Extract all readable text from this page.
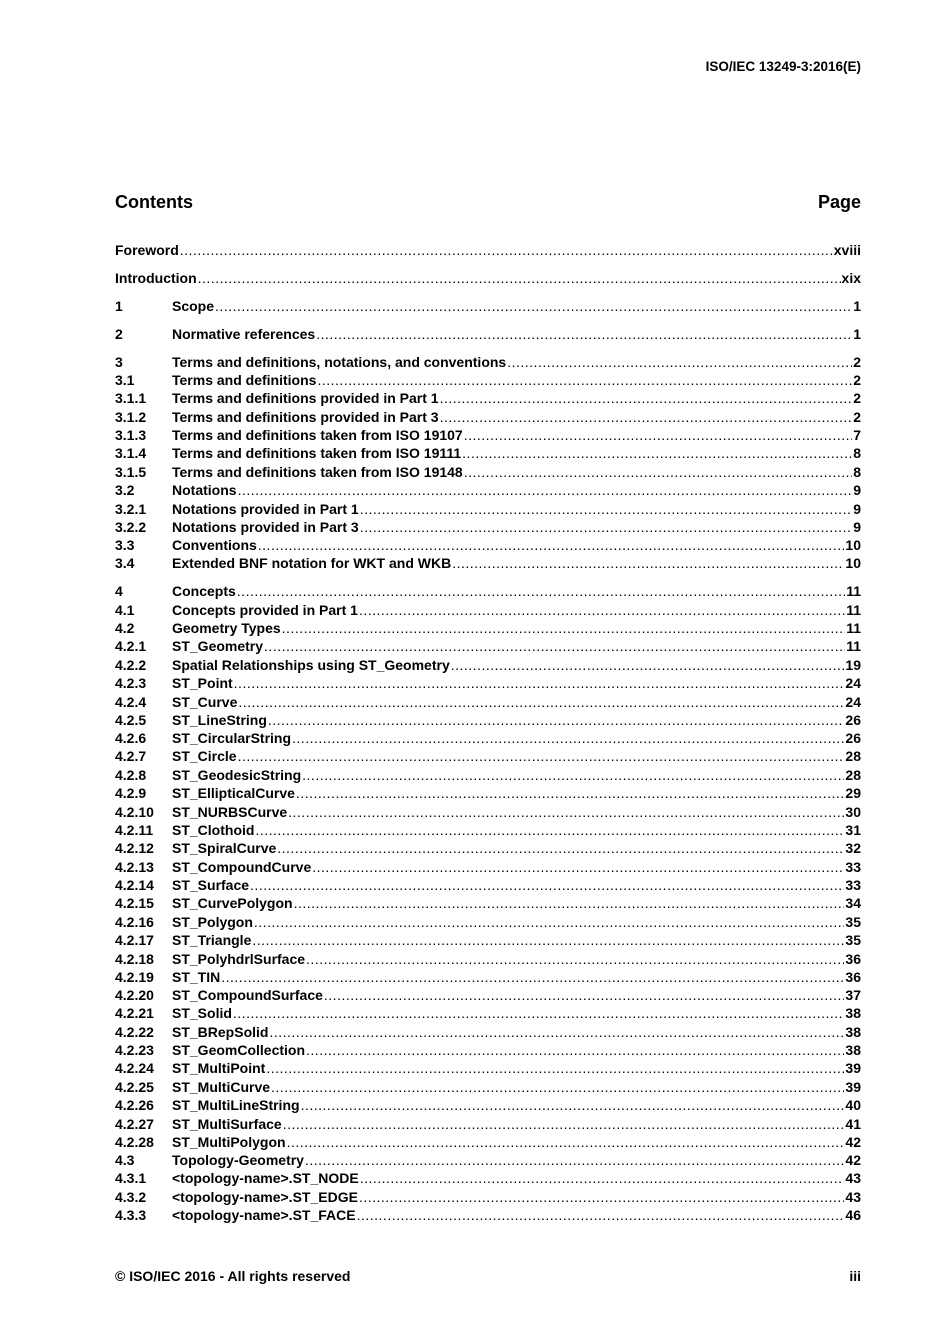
ISO/IEC 13249-3:2016(E)
Contents	Page
Foreword .....	xviii
Introduction .....	xix
1	Scope .....	1
2	Normative references .....	1
3	Terms and definitions, notations, and conventions .....	2
3.1	Terms and definitions .....	2
3.1.1	Terms and definitions provided in Part 1 .....	2
3.1.2	Terms and definitions provided in Part 3 .....	2
3.1.3	Terms and definitions taken from ISO 19107 .....	7
3.1.4	Terms and definitions taken from ISO 19111 .....	8
3.1.5	Terms and definitions taken from ISO 19148 .....	8
3.2	Notations .....	9
3.2.1	Notations provided in Part 1 .....	9
3.2.2	Notations provided in Part 3 .....	9
3.3	Conventions .....	10
3.4	Extended BNF notation for WKT and WKB .....	10
4	Concepts .....	11
4.1	Concepts provided in Part 1 .....	11
4.2	Geometry Types .....	11
4.2.1	ST_Geometry .....	11
4.2.2	Spatial Relationships using ST_Geometry .....	19
4.2.3	ST_Point .....	24
4.2.4	ST_Curve .....	24
4.2.5	ST_LineString .....	26
4.2.6	ST_CircularString .....	26
4.2.7	ST_Circle .....	28
4.2.8	ST_GeodesicString .....	28
4.2.9	ST_EllipticalCurve .....	29
4.2.10	ST_NURBSCurve .....	30
4.2.11	ST_Clothoid .....	31
4.2.12	ST_SpiralCurve .....	32
4.2.13	ST_CompoundCurve .....	33
4.2.14	ST_Surface .....	33
4.2.15	ST_CurvePolygon .....	34
4.2.16	ST_Polygon .....	35
4.2.17	ST_Triangle .....	35
4.2.18	ST_PolyhdrlSurface .....	36
4.2.19	ST_TIN .....	36
4.2.20	ST_CompoundSurface .....	37
4.2.21	ST_Solid .....	38
4.2.22	ST_BRepSolid .....	38
4.2.23	ST_GeomCollection .....	38
4.2.24	ST_MultiPoint .....	39
4.2.25	ST_MultiCurve .....	39
4.2.26	ST_MultiLineString .....	40
4.2.27	ST_MultiSurface .....	41
4.2.28	ST_MultiPolygon .....	42
4.3	Topology-Geometry .....	42
4.3.1	<topology-name>.ST_NODE .....	43
4.3.2	<topology-name>.ST_EDGE .....	43
4.3.3	<topology-name>.ST_FACE .....	46
© ISO/IEC 2016 - All rights reserved	iii
